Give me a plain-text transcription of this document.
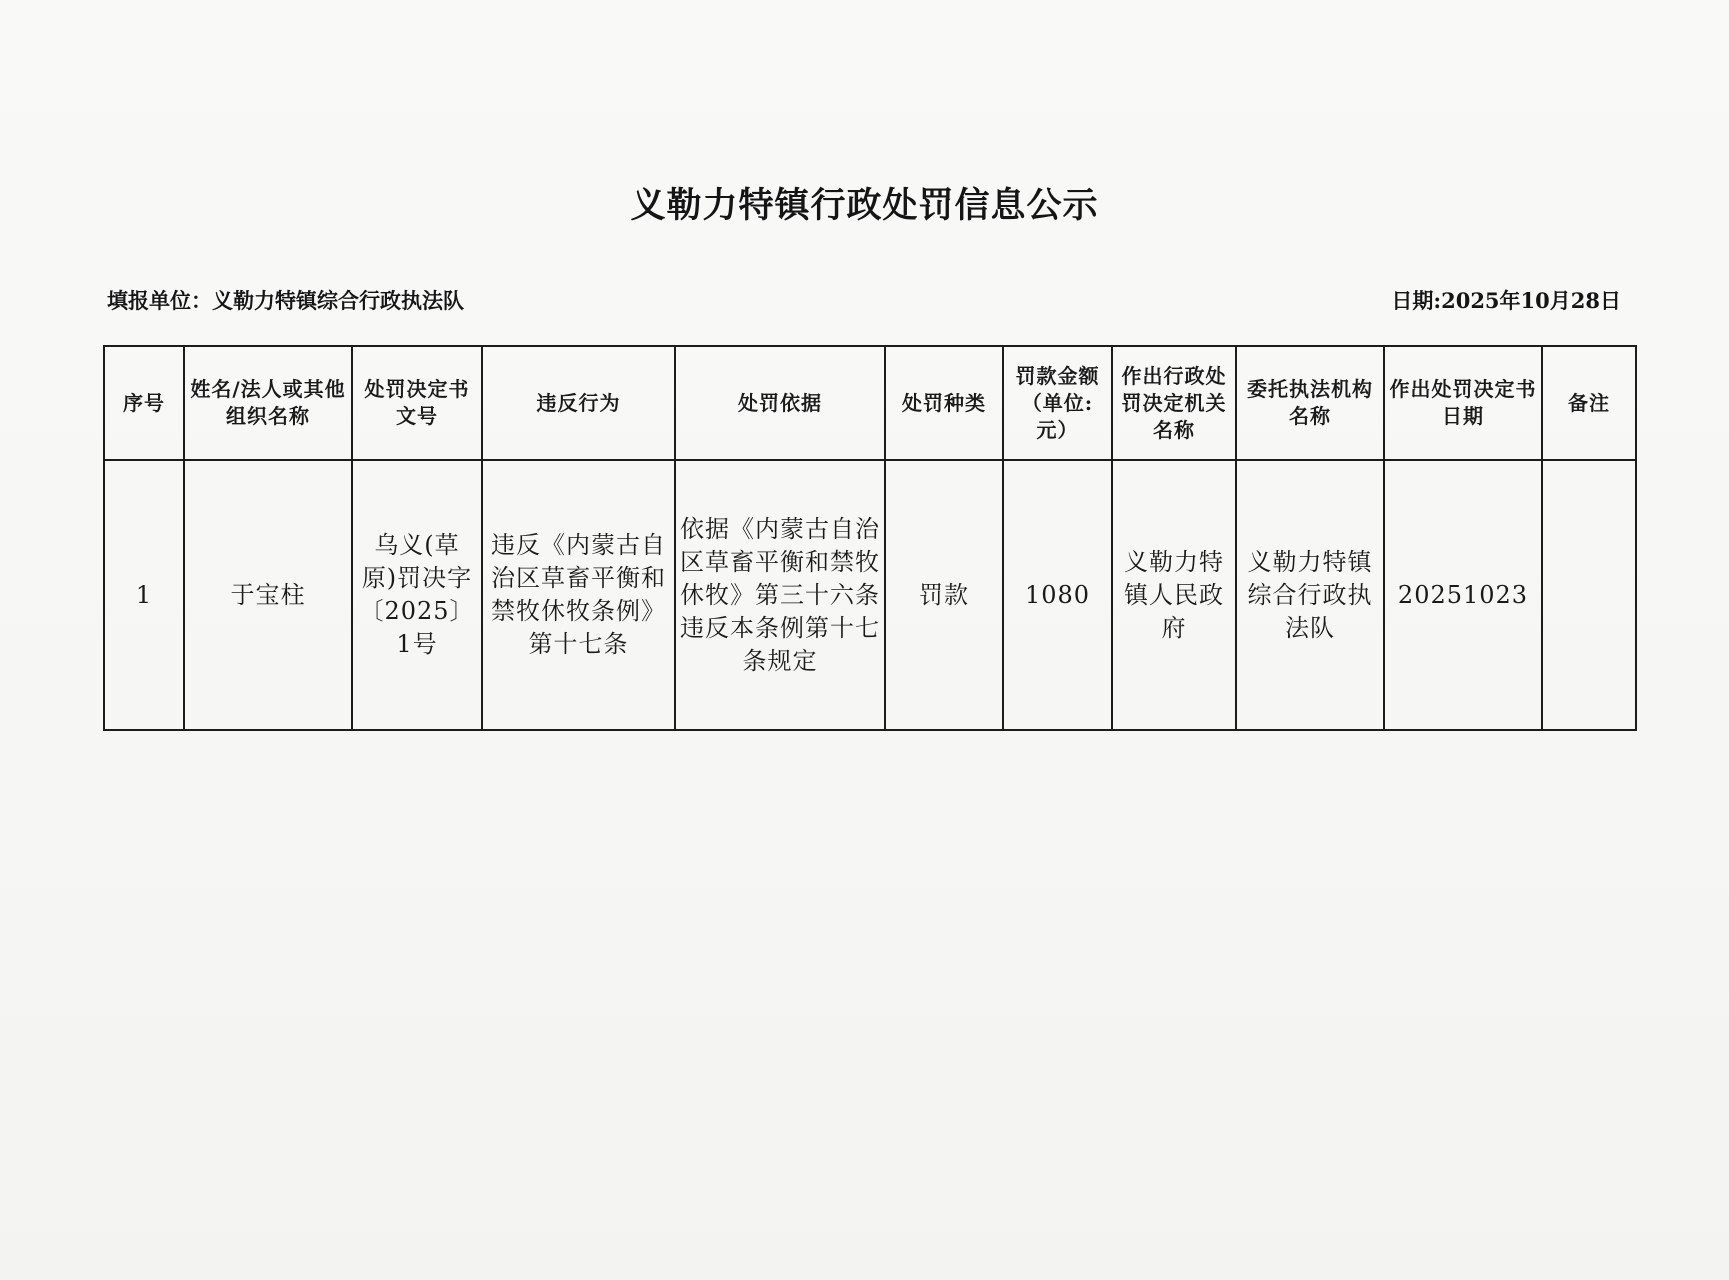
义勒力特镇行政处罚信息公示
填报单位：义勒力特镇综合行政执法队	日期:2025年10月28日
序号	姓名/法人或其他组织名称	处罚决定书文号	违反行为	处罚依据	处罚种类	罚款金额（单位:元）	作出行政处罚决定机关名称	委托执法机构名称	作出处罚决定书日期	备注
1	于宝柱	乌义(草原)罚决字〔2025〕1号	违反《内蒙古自治区草畜平衡和禁牧休牧条例》第十七条	依据《内蒙古自治区草畜平衡和禁牧休牧》第三十六条违反本条例第十七条规定	罚款	1080	义勒力特镇人民政府	义勒力特镇综合行政执法队	20251023	
